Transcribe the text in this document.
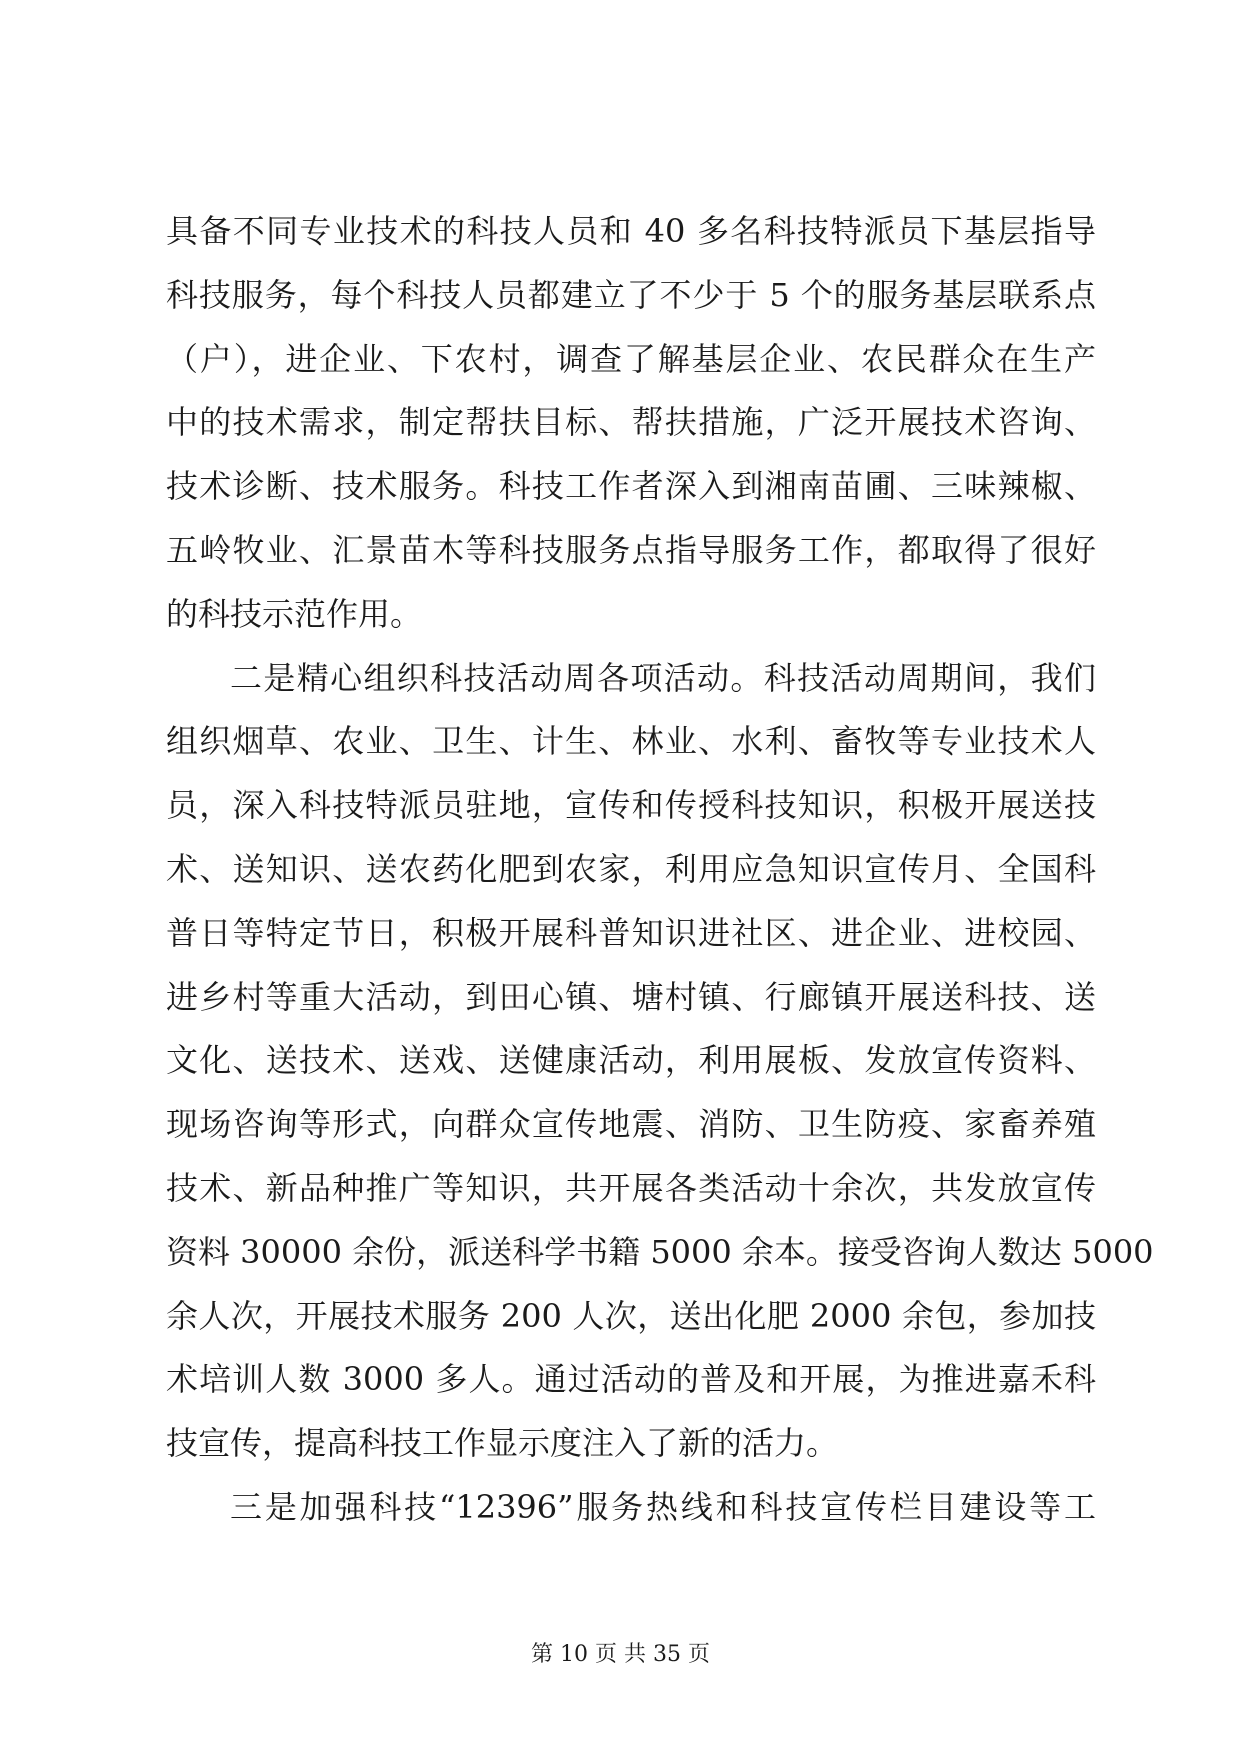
具备不同专业技术的科技人员和 40 多名科技特派员下基层指导
科技服务，每个科技人员都建立了不少于 5 个的服务基层联系点
（户），进企业、下农村，调查了解基层企业、农民群众在生产
中的技术需求，制定帮扶目标、帮扶措施，广泛开展技术咨询、
技术诊断、技术服务。科技工作者深入到湘南苗圃、三味辣椒、
五岭牧业、汇景苗木等科技服务点指导服务工作，都取得了很好
的科技示范作用。
二是精心组织科技活动周各项活动。科技活动周期间，我们
组织烟草、农业、卫生、计生、林业、水利、畜牧等专业技术人
员，深入科技特派员驻地，宣传和传授科技知识，积极开展送技
术、送知识、送农药化肥到农家，利用应急知识宣传月、全国科
普日等特定节日，积极开展科普知识进社区、进企业、进校园、
进乡村等重大活动，到田心镇、塘村镇、行廊镇开展送科技、送
文化、送技术、送戏、送健康活动，利用展板、发放宣传资料、
现场咨询等形式，向群众宣传地震、消防、卫生防疫、家畜养殖
技术、新品种推广等知识，共开展各类活动十余次，共发放宣传
资料 30000 余份，派送科学书籍 5000 余本。接受咨询人数达 5000
余人次，开展技术服务 200 人次，送出化肥 2000 余包，参加技
术培训人数 3000 多人。通过活动的普及和开展，为推进嘉禾科
技宣传，提高科技工作显示度注入了新的活力。
三是加强科技“12396”服务热线和科技宣传栏目建设等工
第 10 页 共 35 页
